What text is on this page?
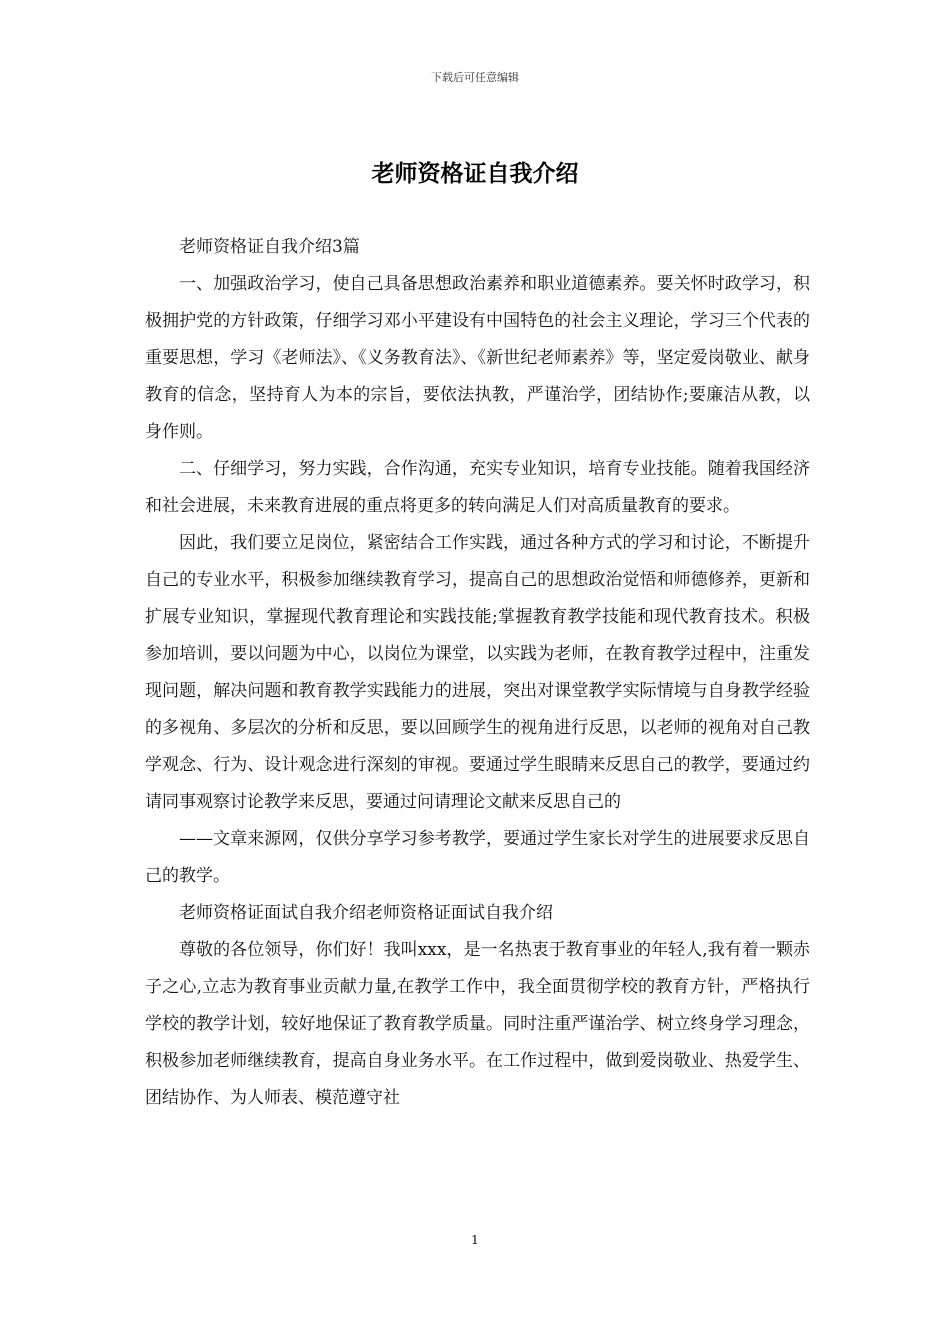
下载后可任意编辑
老师资格证自我介绍

老师资格证自我介绍3篇

一、加强政治学习，使自己具备思想政治素养和职业道德素养。要关怀时政学习，积极拥护党的方针政策，仔细学习邓小平建设有中国特色的社会主义理论，学习三个代表的重要思想，学习《老师法》、《义务教育法》、《新世纪老师素养》等，坚定爱岗敬业、献身教育的信念，坚持育人为本的宗旨，要依法执教，严谨治学，团结协作;要廉洁从教，以身作则。

二、仔细学习，努力实践，合作沟通，充实专业知识，培育专业技能。随着我国经济和社会进展，未来教育进展的重点将更多的转向满足人们对高质量教育的要求。

因此，我们要立足岗位，紧密结合工作实践，通过各种方式的学习和讨论，不断提升自己的专业水平，积极参加继续教育学习，提高自己的思想政治觉悟和师德修养，更新和扩展专业知识，掌握现代教育理论和实践技能;掌握教育教学技能和现代教育技术。积极参加培训，要以问题为中心，以岗位为课堂，以实践为老师，在教育教学过程中，注重发现问题，解决问题和教育教学实践能力的进展，突出对课堂教学实际情境与自身教学经验的多视角、多层次的分析和反思，要以回顾学生的视角进行反思，以老师的视角对自己教学观念、行为、设计观念进行深刻的审视。要通过学生眼睛来反思自己的教学，要通过约请同事观察讨论教学来反思，要通过问请理论文献来反思自己的

——文章来源网，仅供分享学习参考教学，要通过学生家长对学生的进展要求反思自己的教学。

老师资格证面试自我介绍老师资格证面试自我介绍

尊敬的各位领导，你们好！我叫xxx，是一名热衷于教育事业的年轻人,我有着一颗赤子之心,立志为教育事业贡献力量,在教学工作中，我全面贯彻学校的教育方针，严格执行学校的教学计划，较好地保证了教育教学质量。同时注重严谨治学、树立终身学习理念，积极参加老师继续教育，提高自身业务水平。在工作过程中，做到爱岗敬业、热爱学生、团结协作、为人师表、模范遵守社

1
